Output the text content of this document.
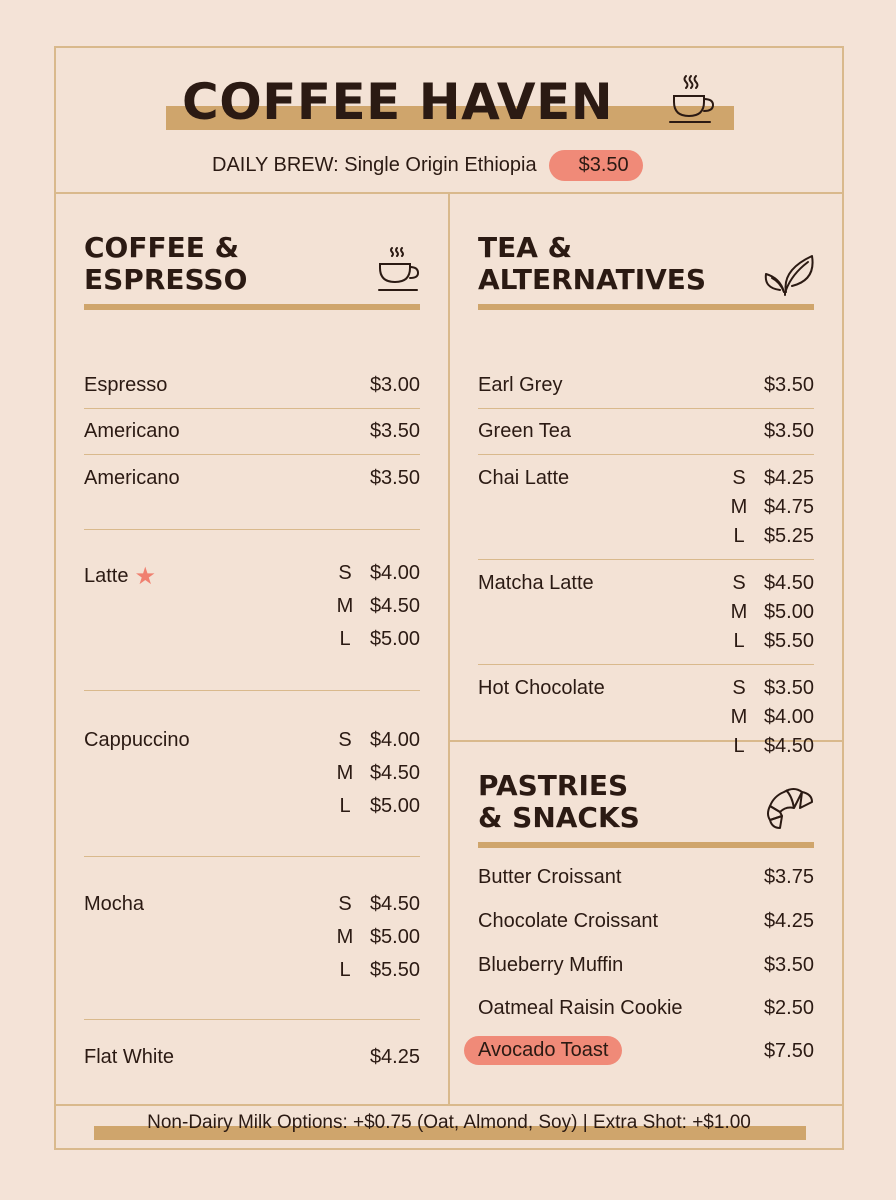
COFFEE HAVEN
DAILY BREW: Single Origin Ethiopia	$3.50
COFFEE &
ESPRESSO
Espresso	$3.00
Americano	$3.50
Americano	$3.50
Latte ★	S $4.00
M $4.50
L $5.00
Cappuccino	S $4.00
M $4.50
L $5.00
Mocha	S $4.50
M $5.00
L $5.50
Flat White	$4.25
TEA &
ALTERNATIVES
Earl Grey	$3.50
Green Tea	$3.50
Chai Latte	S $4.25
M $4.75
L $5.25
Matcha Latte	S $4.50
M $5.00
L $5.50
Hot Chocolate	S $3.50
M $4.00
L $4.50
PASTRIES
& SNACKS
Butter Croissant	$3.75
Chocolate Croissant	$4.25
Blueberry Muffin	$3.50
Oatmeal Raisin Cookie	$2.50
Avocado Toast	$7.50
Non-Dairy Milk Options: +$0.75 (Oat, Almond, Soy) | Extra Shot: +$1.00
